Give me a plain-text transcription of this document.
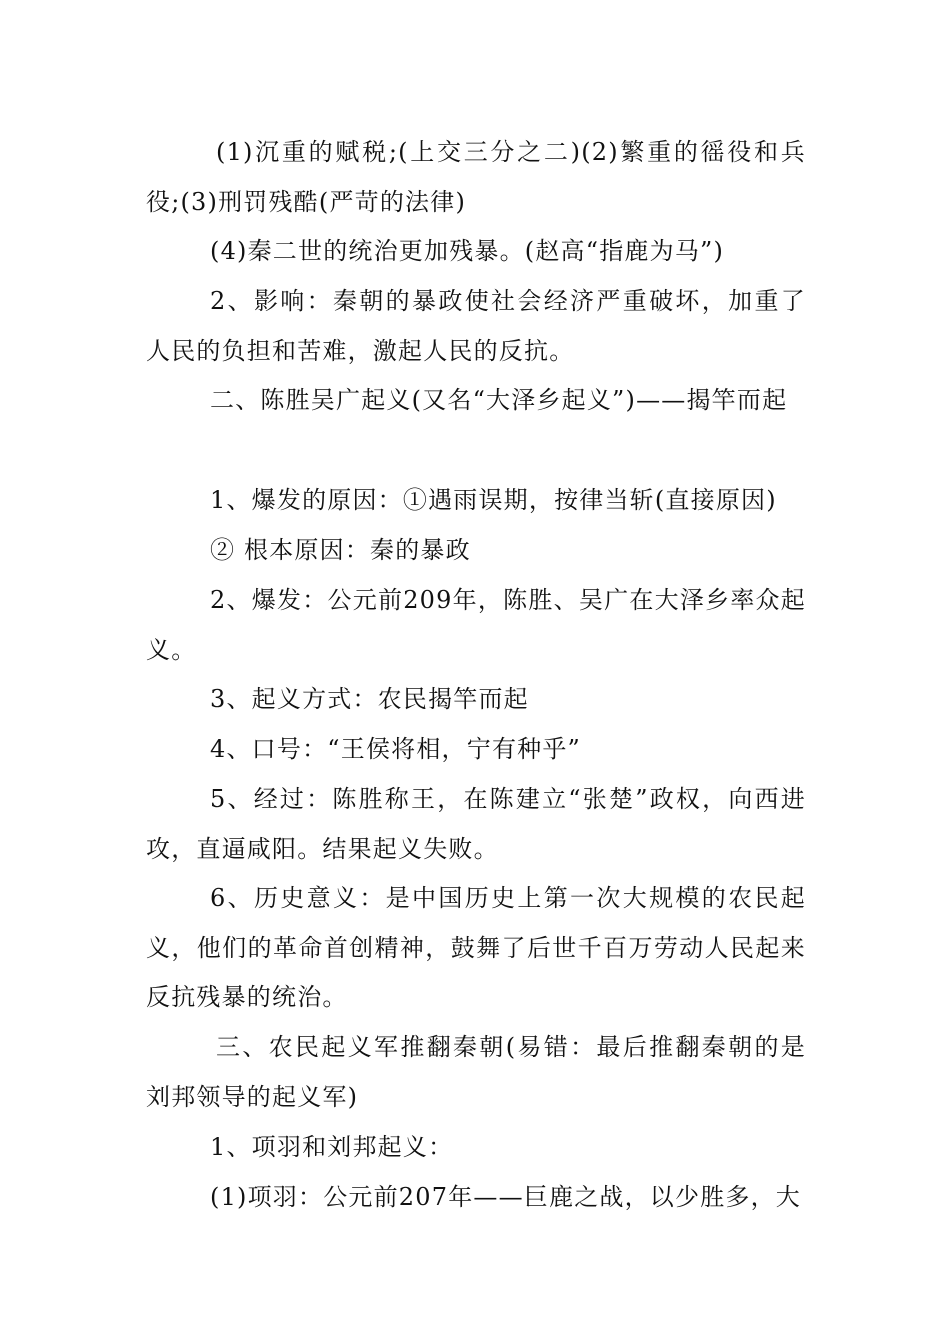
(1)沉重的赋税;(上交三分之二)(2)繁重的徭役和兵役;(3)刑罚残酷(严苛的法律)

(4)秦二世的统治更加残暴。(赵高“指鹿为马”)

2、影响：秦朝的暴政使社会经济严重破坏，加重了人民的负担和苦难，激起人民的反抗。

二、陈胜吴广起义(又名“大泽乡起义”)——揭竿而起

1、爆发的原因：①遇雨误期，按律当斩(直接原因)

② 根本原因：秦的暴政

2、爆发：公元前209年，陈胜、吴广在大泽乡率众起义。

3、起义方式：农民揭竿而起

4、口号：“王侯将相，宁有种乎”

5、经过：陈胜称王，在陈建立“张楚”政权，向西进攻，直逼咸阳。结果起义失败。

6、历史意义：是中国历史上第一次大规模的农民起义，他们的革命首创精神，鼓舞了后世千百万劳动人民起来反抗残暴的统治。

三、农民起义军推翻秦朝(易错：最后推翻秦朝的是刘邦领导的起义军)

1、项羽和刘邦起义：

(1)项羽：公元前207年——巨鹿之战，以少胜多，大
